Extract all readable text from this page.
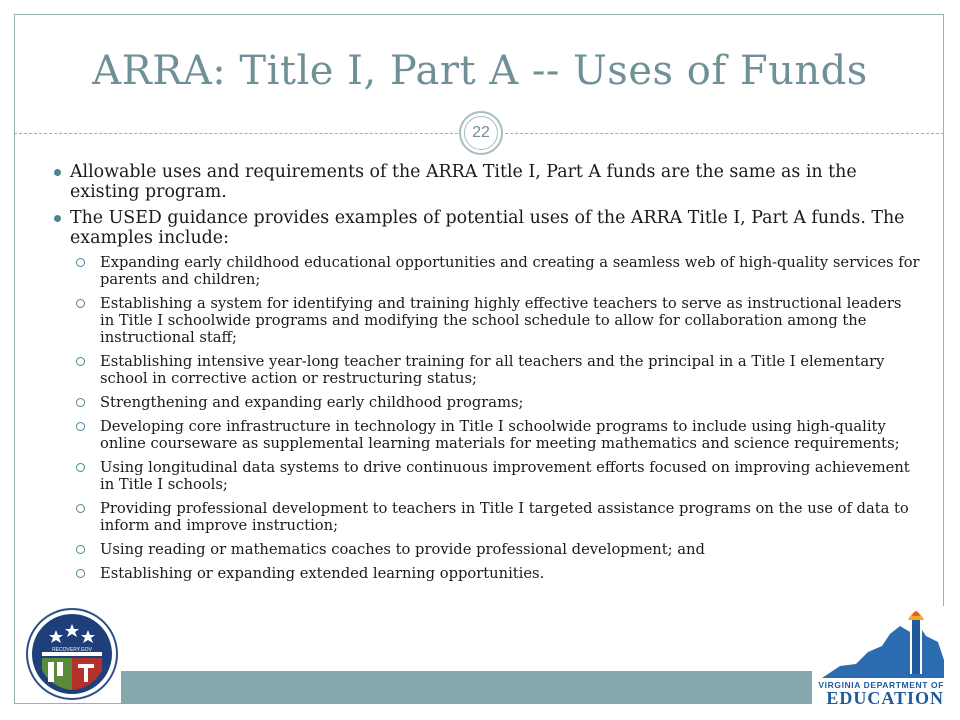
ARRA: Title I, Part A -- Uses of Funds
22
Allowable uses and requirements of the ARRA Title I, Part A funds are the same as in the existing program.
The USED guidance provides examples of potential uses of the ARRA Title I, Part A funds. The examples include:
Expanding early childhood educational opportunities and creating a seamless web of high-quality services for parents and children;
Establishing a system for identifying and training highly effective teachers to serve as instructional leaders in Title I schoolwide programs and modifying the school schedule to allow for collaboration among the instructional staff;
Establishing intensive year-long teacher training for all teachers and the principal in a Title I elementary school in corrective action or restructuring status;
Strengthening and expanding early childhood programs;
Developing core infrastructure in technology in Title I schoolwide programs to include using high-quality online courseware as supplemental learning materials for meeting mathematics and science requirements;
Using longitudinal data systems to drive continuous improvement efforts focused on improving achievement in Title I schools;
Providing professional development to teachers in Title I targeted assistance programs on the use of data to inform and improve instruction;
Using reading or mathematics coaches to provide professional development; and
Establishing or expanding extended learning opportunities.
RECOVERY.GOV
VIRGINIA DEPARTMENT OF
EDUCATION
